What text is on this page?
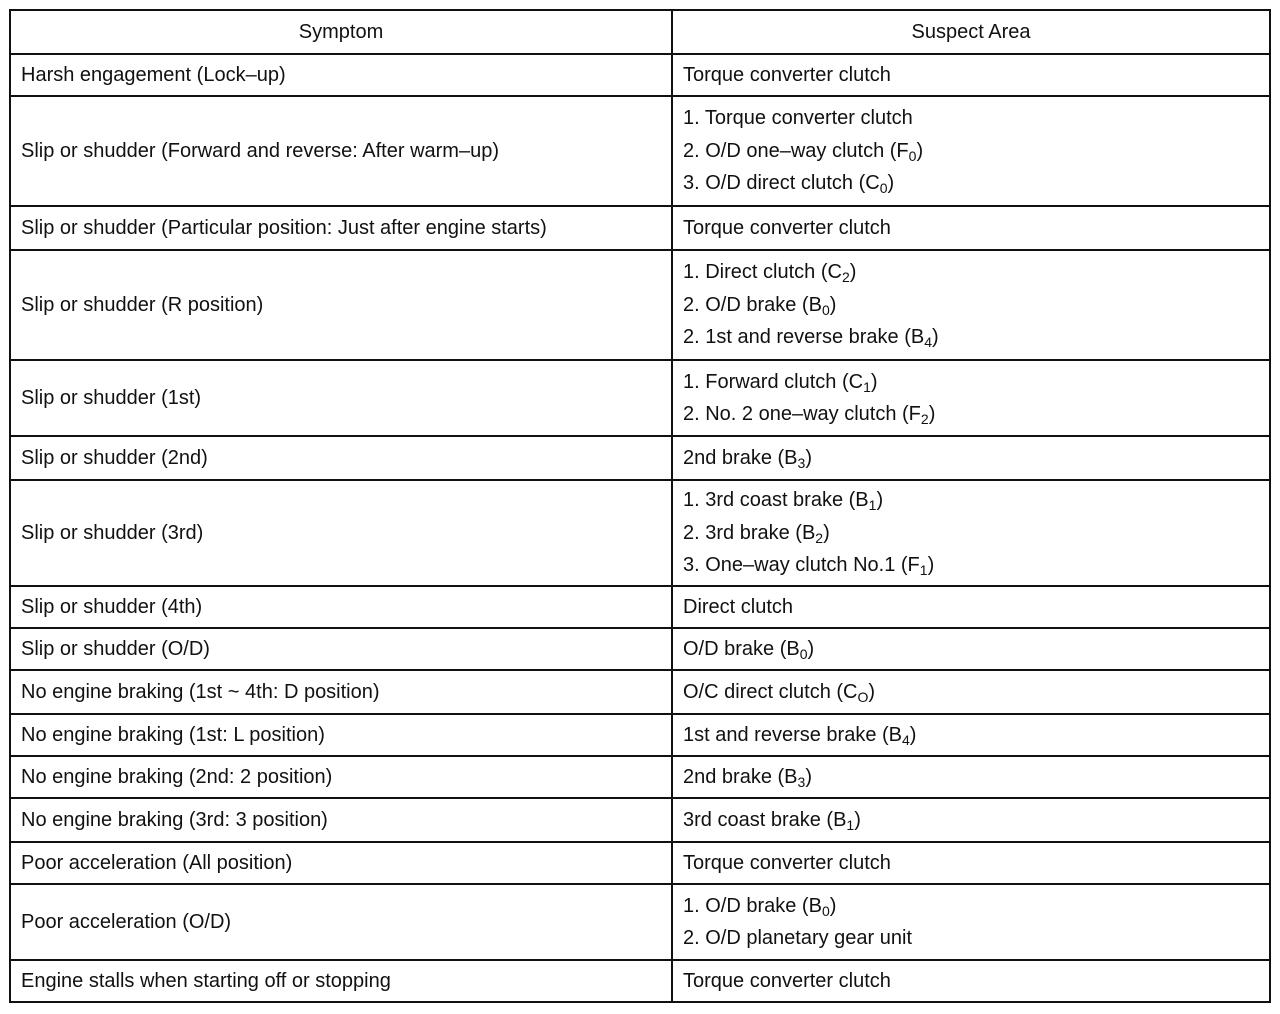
Symptom	Suspect Area
Harsh engagement (Lock–up)	Torque converter clutch

Slip or shudder (Forward and reverse: After warm–up)	1. Torque converter clutch
2. O/D one–way clutch $(F_0)$
3. O/D direct clutch $(C_0)$

Slip or shudder (Particular position: Just after engine starts)	Torque converter clutch

Slip or shudder (R position)	1. Direct clutch $(C_2)$
2. O/D brake $(B_0)$
2. 1st and reverse brake $(B_4)$

Slip or shudder (1st)	1. Forward clutch $(C_1)$
2. No. 2 one–way clutch $(F_2)$

Slip or shudder (2nd)	2nd brake $(B_3)$

Slip or shudder (3rd)	1. 3rd coast brake $(B_1)$
2. 3rd brake $(B_2)$
3. One–way clutch No.1 $(F_1)$

Slip or shudder (4th)	Direct clutch

Slip or shudder (O/D)	O/D brake $(B_0)$

No engine braking (1st ~ 4th: D position)	O/C direct clutch $(C_O)$

No engine braking (1st: L position)	1st and reverse brake $(B_4)$

No engine braking (2nd: 2 position)	2nd brake $(B_3)$

No engine braking (3rd: 3 position)	3rd coast brake $(B_1)$

Poor acceleration (All position)	Torque converter clutch

Poor acceleration (O/D)	1. O/D brake $(B_0)$
2. O/D planetary gear unit

Engine stalls when starting off or stopping	Torque converter clutch
